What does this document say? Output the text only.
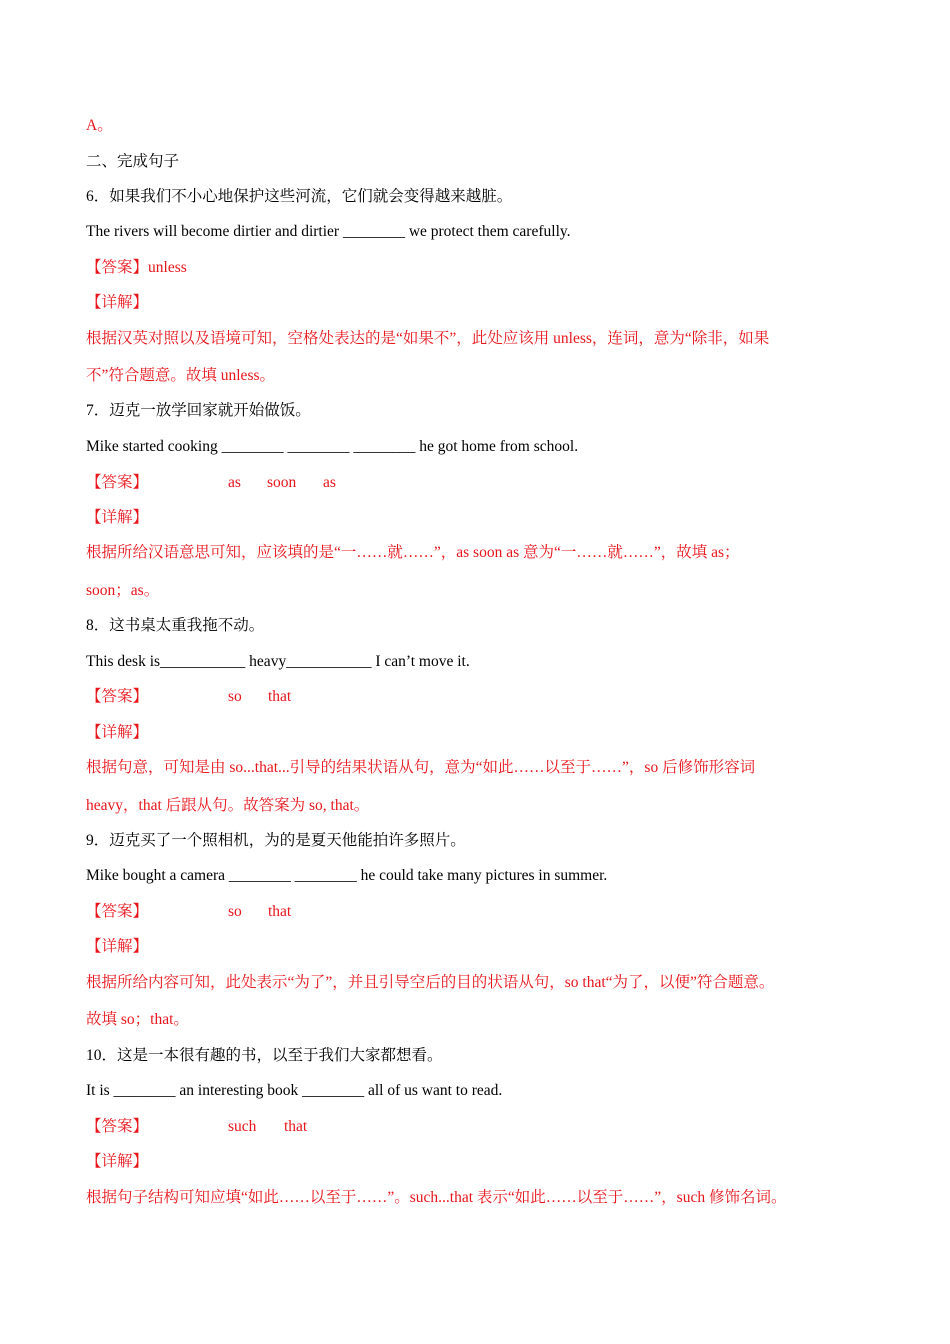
A。
二、完成句子
6．如果我们不小心地保护这些河流，它们就会变得越来越脏。
The rivers will become dirtier and dirtier ________ we protect them carefully.
【答案】unless
【详解】
根据汉英对照以及语境可知，空格处表达的是“如果不”，此处应该用 unless，连词，意为“除非，如果
不”符合题意。故填 unless。
7．迈克一放学回家就开始做饭。
Mike started cooking ________ ________ ________ he got home from school.
【答案】	as soon as
【详解】
根据所给汉语意思可知，应该填的是“一……就……”，as soon as 意为“一……就……”，故填 as；
soon；as。
8．这书桌太重我拖不动。
This desk is___________ heavy___________ I can’t move it.
【答案】	so that
【详解】
根据句意，可知是由 so...that...引导的结果状语从句，意为“如此……以至于……”，so 后修饰形容词
heavy，that 后跟从句。故答案为 so, that。
9．迈克买了一个照相机，为的是夏天他能拍许多照片。
Mike bought a camera ________ ________ he could take many pictures in summer.
【答案】	so that
【详解】
根据所给内容可知，此处表示“为了”，并且引导空后的目的状语从句，so that“为了，以便”符合题意。
故填 so；that。
10．这是一本很有趣的书，以至于我们大家都想看。
It is ________ an interesting book ________ all of us want to read.
【答案】	such that
【详解】
根据句子结构可知应填“如此……以至于……”。such...that 表示“如此……以至于……”，such 修饰名词。
